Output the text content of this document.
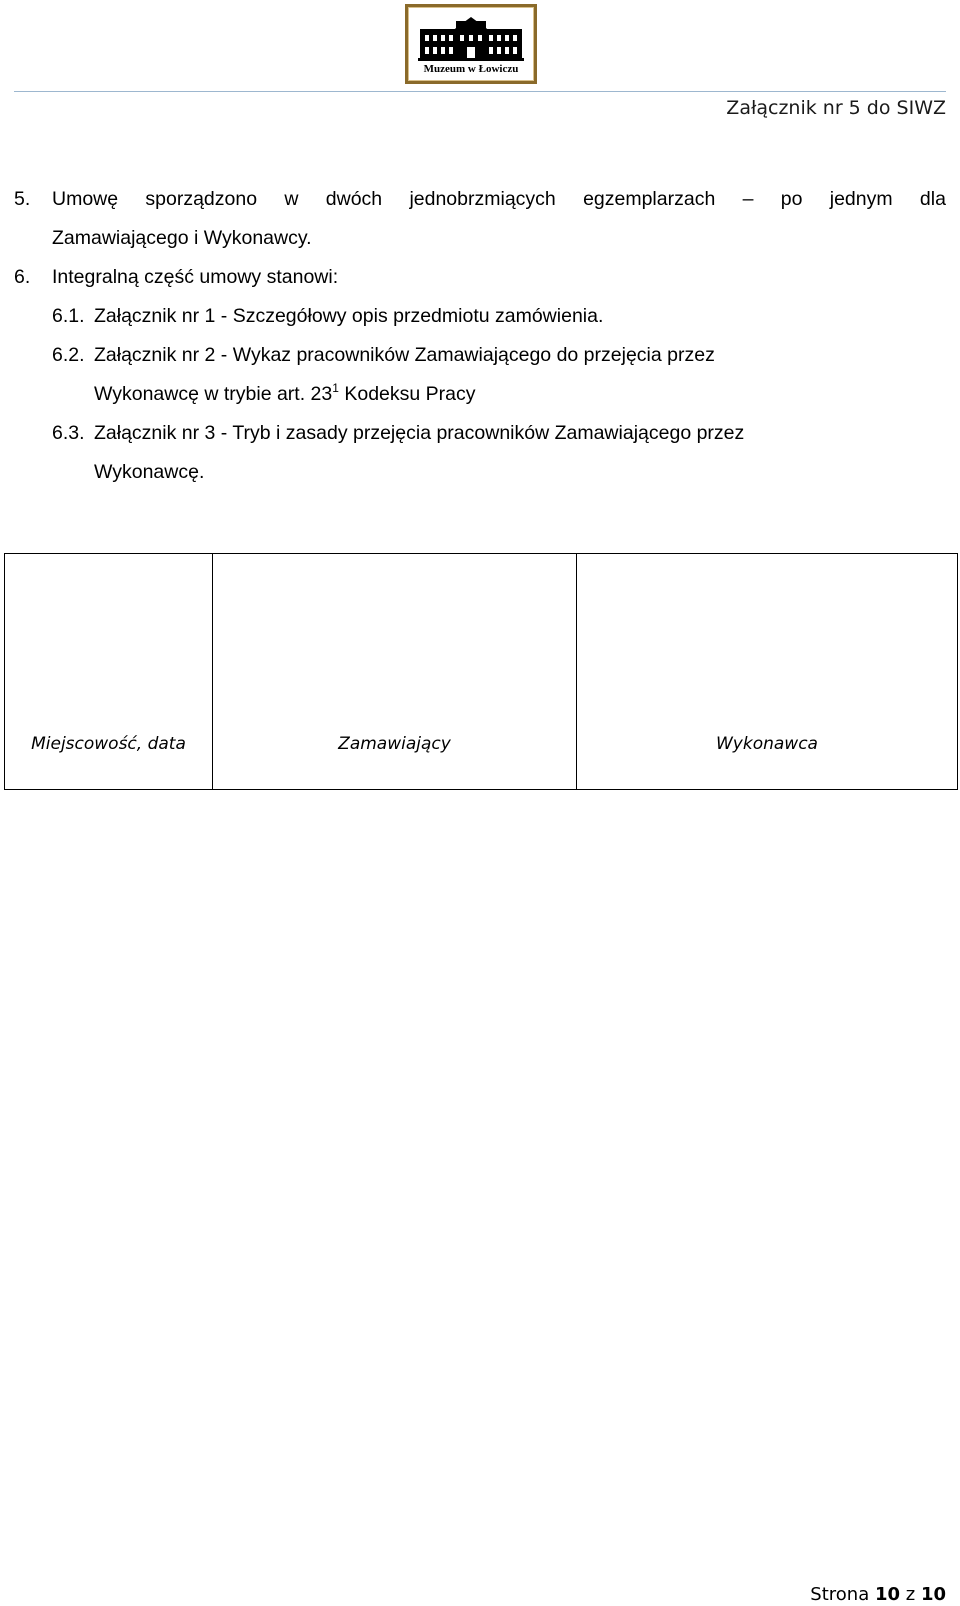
Muzeum w Łowiczu
Załącznik nr 5 do SIWZ
5. Umowę sporządzono w dwóch jednobrzmiących egzemplarzach – po jednym dla
Zamawiającego i Wykonawcy.
6. Integralną część umowy stanowi:
6.1. Załącznik nr 1 - Szczegółowy opis przedmiotu zamówienia.
6.2. Załącznik nr 2 - Wykaz pracowników Zamawiającego do przejęcia przez
Wykonawcę w trybie art. $23^1$ Kodeksu Pracy
6.3. Załącznik nr 3 - Tryb i zasady przejęcia pracowników Zamawiającego przez
Wykonawcę.
Miejscowość, data	Zamawiający	Wykonawca
Strona 10 z 10
